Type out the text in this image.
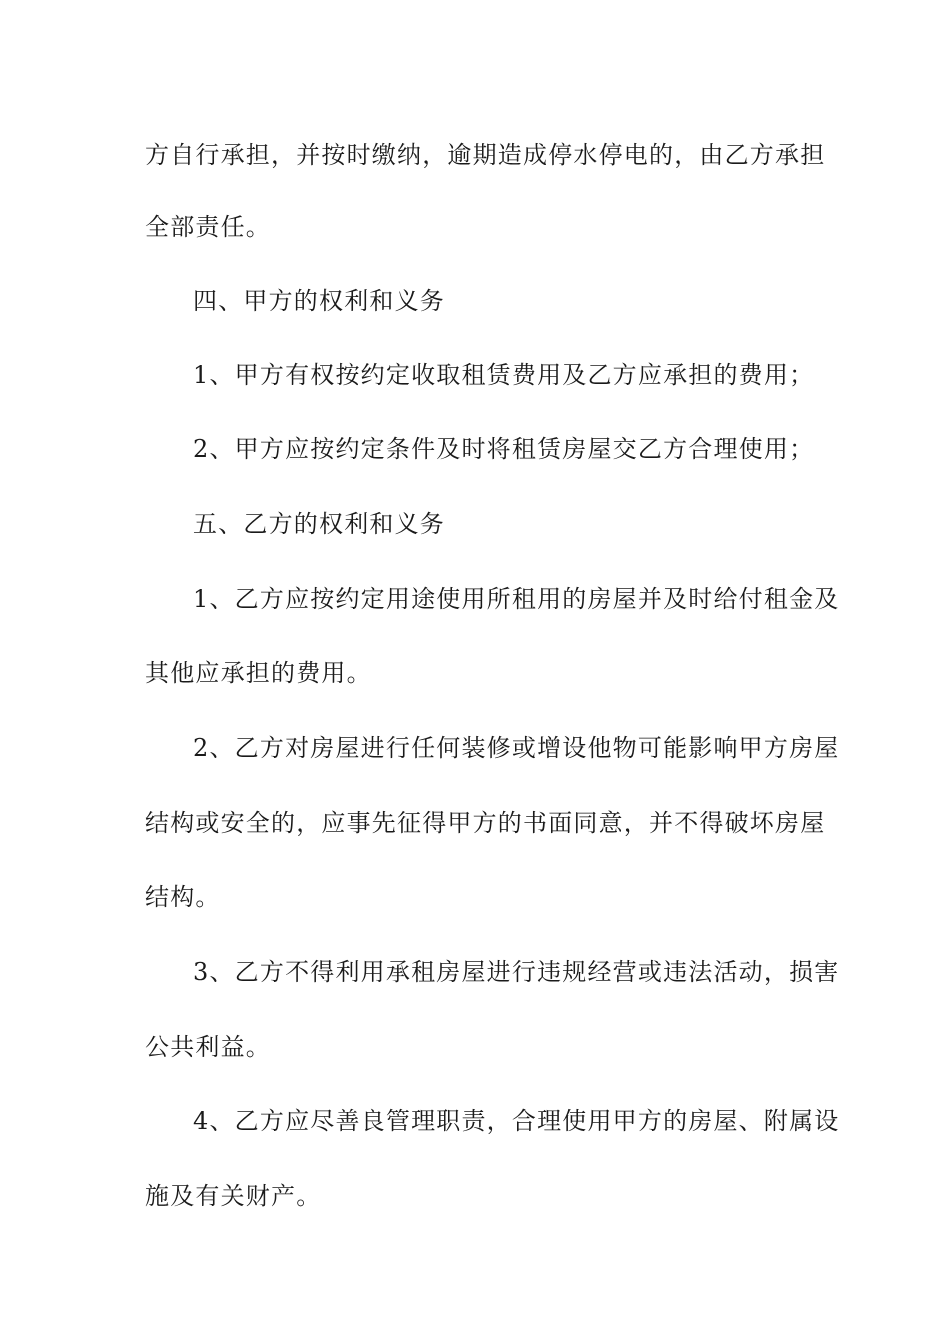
方自行承担，并按时缴纳，逾期造成停水停电的，由乙方承担

全部责任。

四、甲方的权利和义务

1、甲方有权按约定收取租赁费用及乙方应承担的费用；

2、甲方应按约定条件及时将租赁房屋交乙方合理使用；

五、乙方的权利和义务

1、乙方应按约定用途使用所租用的房屋并及时给付租金及

其他应承担的费用。

2、乙方对房屋进行任何装修或增设他物可能影响甲方房屋

结构或安全的，应事先征得甲方的书面同意，并不得破坏房屋

结构。

3、乙方不得利用承租房屋进行违规经营或违法活动，损害

公共利益。

4、乙方应尽善良管理职责，合理使用甲方的房屋、附属设

施及有关财产。
